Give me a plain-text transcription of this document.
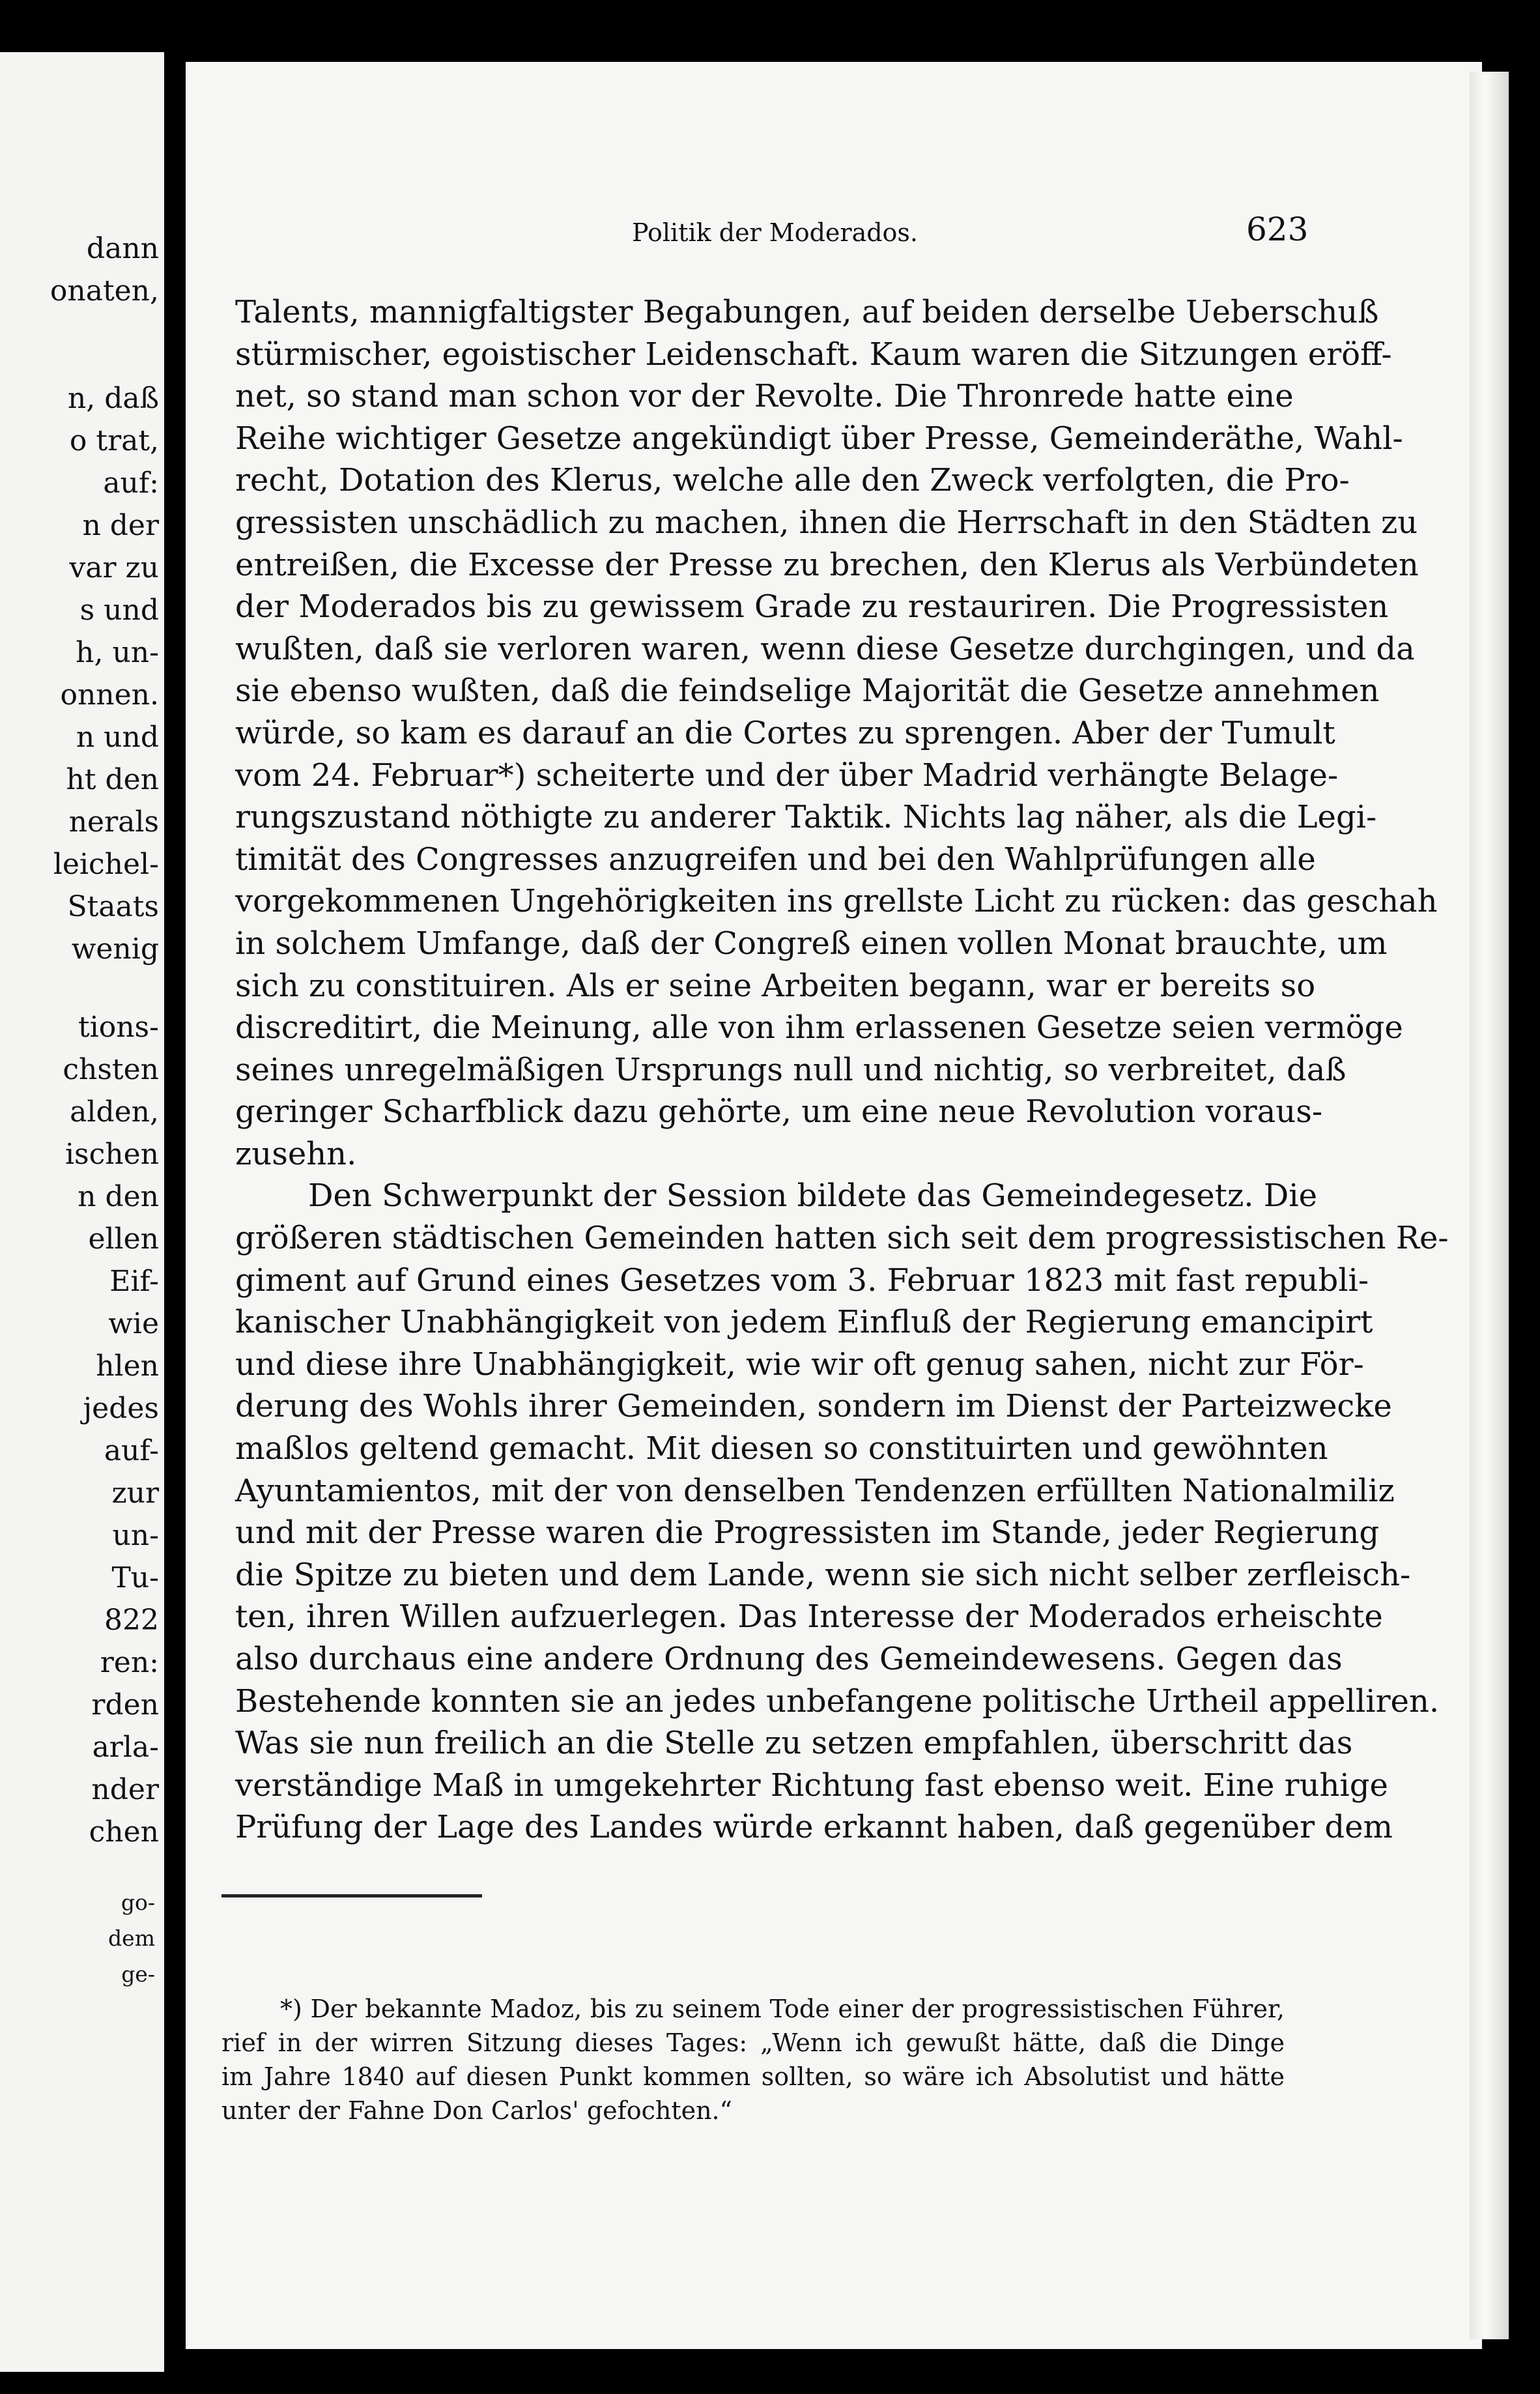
dann
onaten,
n, daß
o trat,
auf:
n der
var zu
s und
h, un-
onnen.
n und
ht den
nerals
leichel-
Staats
wenig
tions-
chsten
alden,
ischen
n den
ellen
Eif-
wie
hlen
jedes
auf-
zur
un-
Tu-
822
ren:
rden
arla-
nder
chen
go-
dem
ge-
Politik der Moderados.	623
Talents, mannigfaltigster Begabungen, auf beiden derselbe Ueberschuß
stürmischer, egoistischer Leidenschaft. Kaum waren die Sitzungen eröff-
net, so stand man schon vor der Revolte. Die Thronrede hatte eine
Reihe wichtiger Gesetze angekündigt über Presse, Gemeinderäthe, Wahl-
recht, Dotation des Klerus, welche alle den Zweck verfolgten, die Pro-
gressisten unschädlich zu machen, ihnen die Herrschaft in den Städten zu
entreißen, die Excesse der Presse zu brechen, den Klerus als Verbündeten
der Moderados bis zu gewissem Grade zu restauriren. Die Progressisten
wußten, daß sie verloren waren, wenn diese Gesetze durchgingen, und da
sie ebenso wußten, daß die feindselige Majorität die Gesetze annehmen
würde, so kam es darauf an die Cortes zu sprengen. Aber der Tumult
vom 24. Februar*) scheiterte und der über Madrid verhängte Belage-
rungszustand nöthigte zu anderer Taktik. Nichts lag näher, als die Legi-
timität des Congresses anzugreifen und bei den Wahlprüfungen alle
vorgekommenen Ungehörigkeiten ins grellste Licht zu rücken: das geschah
in solchem Umfange, daß der Congreß einen vollen Monat brauchte, um
sich zu constituiren. Als er seine Arbeiten begann, war er bereits so
discreditirt, die Meinung, alle von ihm erlassenen Gesetze seien vermöge
seines unregelmäßigen Ursprungs null und nichtig, so verbreitet, daß
geringer Scharfblick dazu gehörte, um eine neue Revolution voraus-
zusehn.
Den Schwerpunkt der Session bildete das Gemeindegesetz. Die
größeren städtischen Gemeinden hatten sich seit dem progressistischen Re-
giment auf Grund eines Gesetzes vom 3. Februar 1823 mit fast republi-
kanischer Unabhängigkeit von jedem Einfluß der Regierung emancipirt
und diese ihre Unabhängigkeit, wie wir oft genug sahen, nicht zur För-
derung des Wohls ihrer Gemeinden, sondern im Dienst der Parteizwecke
maßlos geltend gemacht. Mit diesen so constituirten und gewöhnten
Ayuntamientos, mit der von denselben Tendenzen erfüllten Nationalmiliz
und mit der Presse waren die Progressisten im Stande, jeder Regierung
die Spitze zu bieten und dem Lande, wenn sie sich nicht selber zerfleisch-
ten, ihren Willen aufzuerlegen. Das Interesse der Moderados erheischte
also durchaus eine andere Ordnung des Gemeindewesens. Gegen das
Bestehende konnten sie an jedes unbefangene politische Urtheil appelliren.
Was sie nun freilich an die Stelle zu setzen empfahlen, überschritt das
verständige Maß in umgekehrter Richtung fast ebenso weit. Eine ruhige
Prüfung der Lage des Landes würde erkannt haben, daß gegenüber dem
*) Der bekannte Madoz, bis zu seinem Tode einer der progressistischen Führer,
rief in der wirren Sitzung dieses Tages: „Wenn ich gewußt hätte, daß die Dinge
im Jahre 1840 auf diesen Punkt kommen sollten, so wäre ich Absolutist und hätte
unter der Fahne Don Carlos' gefochten.“
